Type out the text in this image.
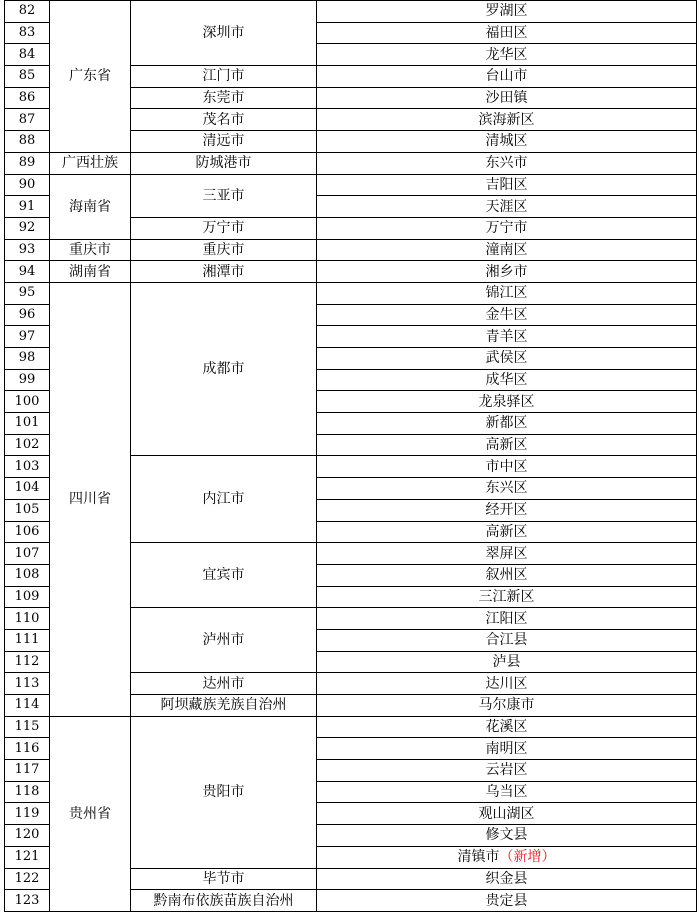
82	广东省	深圳市	罗湖区
83			福田区
84			龙华区
85		江门市	台山市
86		东莞市	沙田镇
87		茂名市	滨海新区
88		清远市	清城区
89	广西壮族	防城港市	东兴市
90	海南省	三亚市	吉阳区
91			天涯区
92		万宁市	万宁市
93	重庆市	重庆市	潼南区
94	湖南省	湘潭市	湘乡市
95	四川省	成都市	锦江区
96			金牛区
97			青羊区
98			武侯区
99			成华区
100			龙泉驿区
101			新都区
102			高新区
103		内江市	市中区
104			东兴区
105			经开区
106			高新区
107		宜宾市	翠屏区
108			叙州区
109			三江新区
110		泸州市	江阳区
111			合江县
112			泸县
113		达州市	达川区
114		阿坝藏族羌族自治州	马尔康市
115	贵州省	贵阳市	花溪区
116			南明区
117			云岩区
118			乌当区
119			观山湖区
120			修文县
121			清镇市（新增）
122		毕节市	织金县
123		黔南布依族苗族自治州	贵定县
